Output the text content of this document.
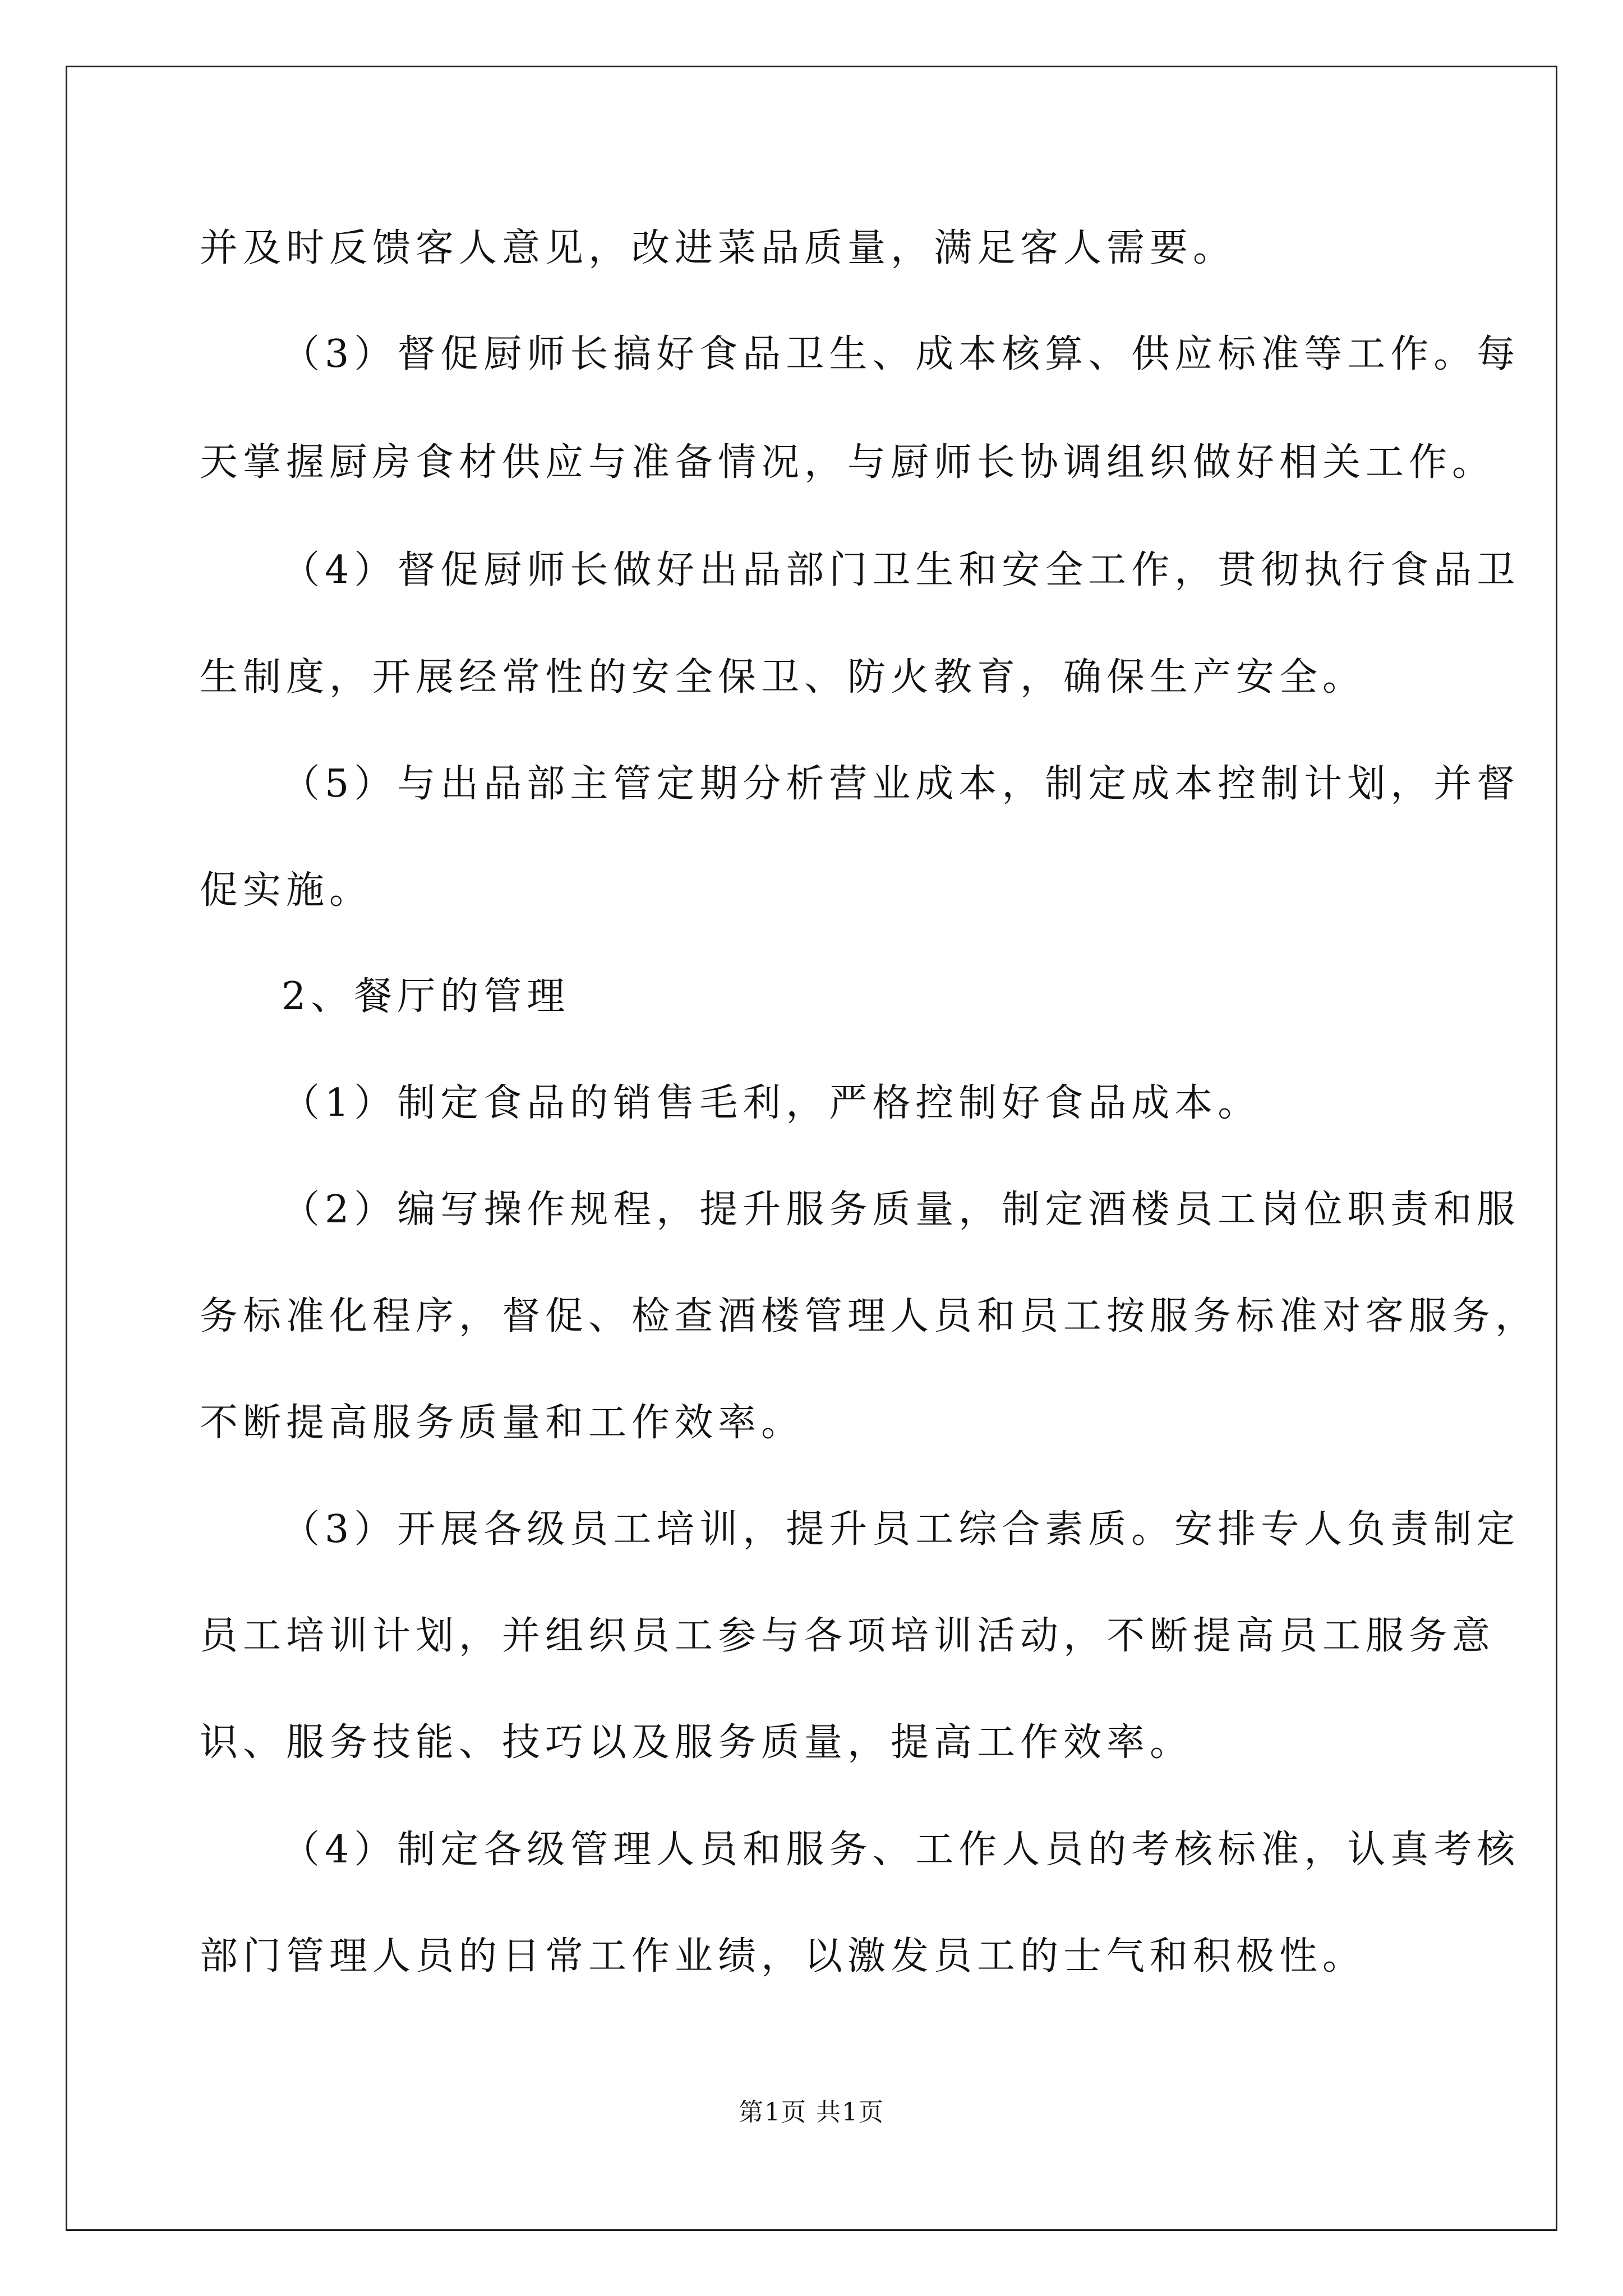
并及时反馈客人意见，改进菜品质量，满足客人需要。
（3）督促厨师长搞好食品卫生、成本核算、供应标准等工作。每
天掌握厨房食材供应与准备情况，与厨师长协调组织做好相关工作。
（4）督促厨师长做好出品部门卫生和安全工作，贯彻执行食品卫
生制度，开展经常性的安全保卫、防火教育，确保生产安全。
（5）与出品部主管定期分析营业成本，制定成本控制计划，并督
促实施。
2、餐厅的管理
（1）制定食品的销售毛利，严格控制好食品成本。
（2）编写操作规程，提升服务质量，制定酒楼员工岗位职责和服
务标准化程序，督促、检查酒楼管理人员和员工按服务标准对客服务，
不断提高服务质量和工作效率。
（3）开展各级员工培训，提升员工综合素质。安排专人负责制定
员工培训计划，并组织员工参与各项培训活动，不断提高员工服务意
识、服务技能、技巧以及服务质量，提高工作效率。
（4）制定各级管理人员和服务、工作人员的考核标准，认真考核
部门管理人员的日常工作业绩，以激发员工的士气和积极性。
第1页 共1页
